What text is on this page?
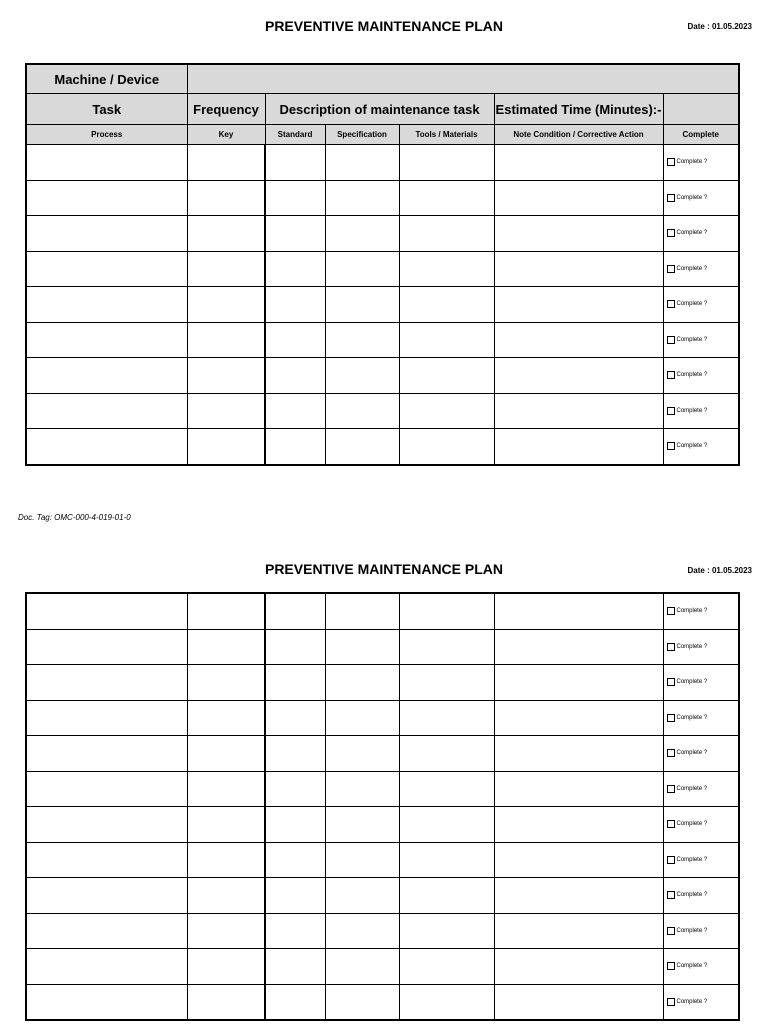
PREVENTIVE MAINTENANCE PLAN	Date : 01.05.2023
Machine / Device						
Task	Frequency	Description of maintenance task			Estimated Time (Minutes):-	
Process	Key	Standard	Specification	Tools / Materials	Note Condition / Corrective Action	Complete

						Complete ?

						Complete ?

						Complete ?

						Complete ?

						Complete ?

						Complete ?

						Complete ?

						Complete ?

						Complete ?
Doc. Tag: OMC-000-4-019-01-0
PREVENTIVE MAINTENANCE PLAN	Date : 01.05.2023

						Complete ?

						Complete ?

						Complete ?

						Complete ?

						Complete ?

						Complete ?

						Complete ?

						Complete ?

						Complete ?

						Complete ?

						Complete ?

						Complete ?
